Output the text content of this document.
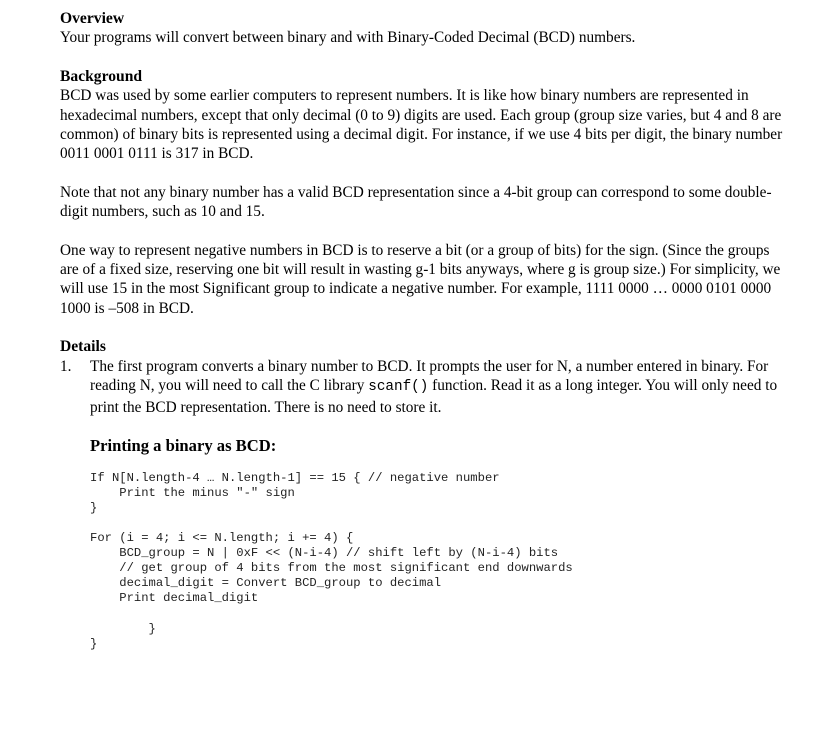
Overview

Your programs will convert between binary and with Binary-Coded Decimal (BCD) numbers.

Background

BCD was used by some earlier computers to represent numbers. It is like how binary numbers are represented in hexadecimal numbers, except that only decimal (0 to 9) digits are used. Each group (group size varies, but 4 and 8 are common) of binary bits is represented using a decimal digit. For instance, if we use 4 bits per digit, the binary number 0011 0001 0111 is 317 in BCD.

Note that not any binary number has a valid BCD representation since a 4-bit group can correspond to some double-digit numbers, such as 10 and 15.

One way to represent negative numbers in BCD is to reserve a bit (or a group of bits) for the sign. (Since the groups are of a fixed size, reserving one bit will result in wasting g-1 bits anyways, where g is group size.) For simplicity, we will use 15 in the most Significant group to indicate a negative number. For example, 1111 0000 … 0000 0101 0000 1000 is –508 in BCD.

Details
1. The first program converts a binary number to BCD. It prompts the user for N, a number entered in binary. For reading N, you will need to call the C library scanf() function. Read it as a long integer. You will only need to print the BCD representation. There is no need to store it.
Printing a binary as BCD:
If N[N.length-4 … N.length-1] == 15 { // negative number
Print the minus "-" sign
}
For (i = 4; i <= N.length; i += 4) {
BCD_group = N | 0xF << (N-i-4) // shift left by (N-i-4) bits
// get group of 4 bits from the most significant end downwards
decimal_digit = Convert BCD_group to decimal
Print decimal_digit

}
}
